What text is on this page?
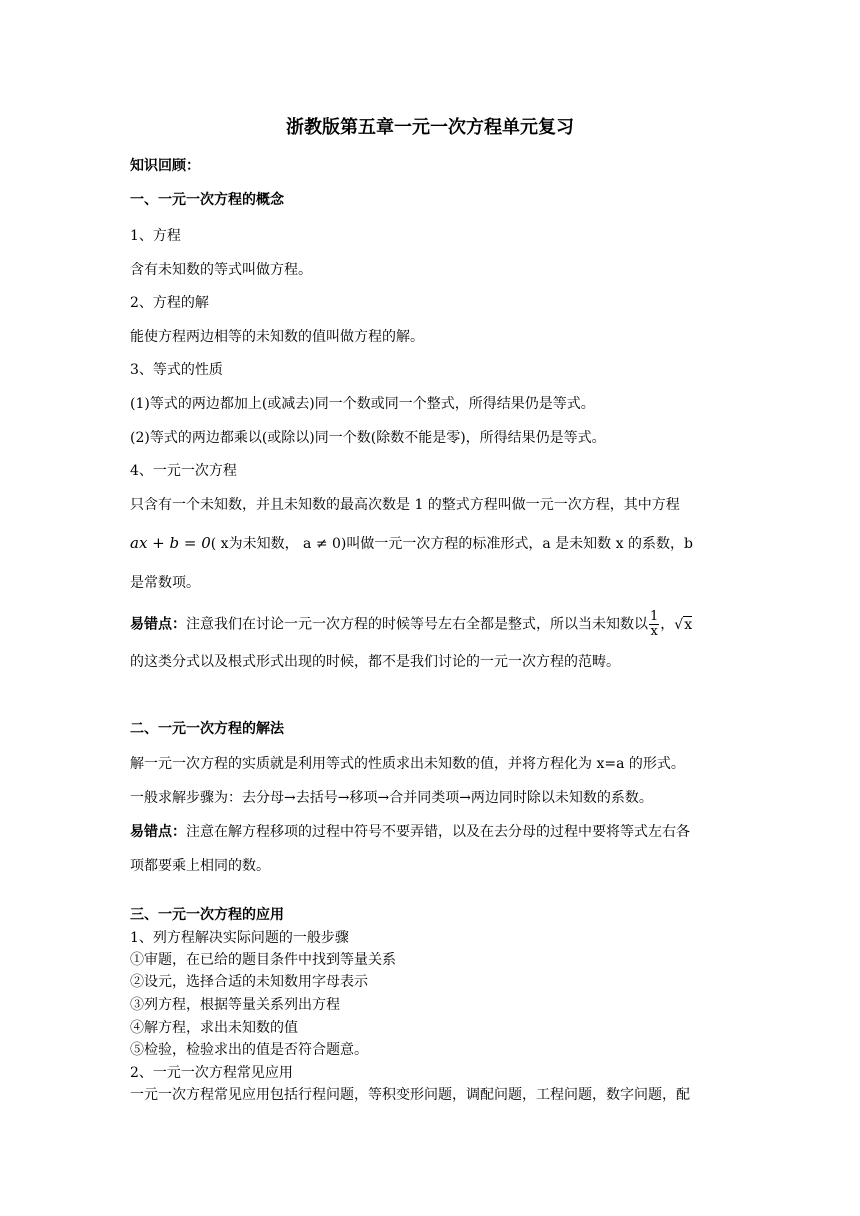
浙教版第五章一元一次方程单元复习
知识回顾：
一、一元一次方程的概念
1、方程
含有未知数的等式叫做方程。
2、方程的解
能使方程两边相等的未知数的值叫做方程的解。
3、等式的性质
(1)等式的两边都加上(或减去)同一个数或同一个整式，所得结果仍是等式。
(2)等式的两边都乘以(或除以)同一个数(除数不能是零)，所得结果仍是等式。
4、一元一次方程
只含有一个未知数，并且未知数的最高次数是 1 的整式方程叫做一元一次方程，其中方程
ax + b = 0( x为未知数， a ≠ 0)叫做一元一次方程的标准形式，a 是未知数 x 的系数，b
是常数项。
易错点：注意我们在讨论一元一次方程的时候等号左右全都是整式，所以当未知数以 $\frac{1}{x}$ ，√x
的这类分式以及根式形式出现的时候，都不是我们讨论的一元一次方程的范畴。
二、一元一次方程的解法
解一元一次方程的实质就是利用等式的性质求出未知数的值，并将方程化为 x=a 的形式。
一般求解步骤为：去分母→去括号→移项→合并同类项→两边同时除以未知数的系数。
易错点：注意在解方程移项的过程中符号不要弄错，以及在去分母的过程中要将等式左右各
项都要乘上相同的数。
三、一元一次方程的应用
1、列方程解决实际问题的一般步骤
①审题，在已给的题目条件中找到等量关系
②设元，选择合适的未知数用字母表示
③列方程，根据等量关系列出方程
④解方程，求出未知数的值
⑤检验，检验求出的值是否符合题意。
2、一元一次方程常见应用
一元一次方程常见应用包括行程问题，等积变形问题，调配问题，工程问题，数字问题，配
